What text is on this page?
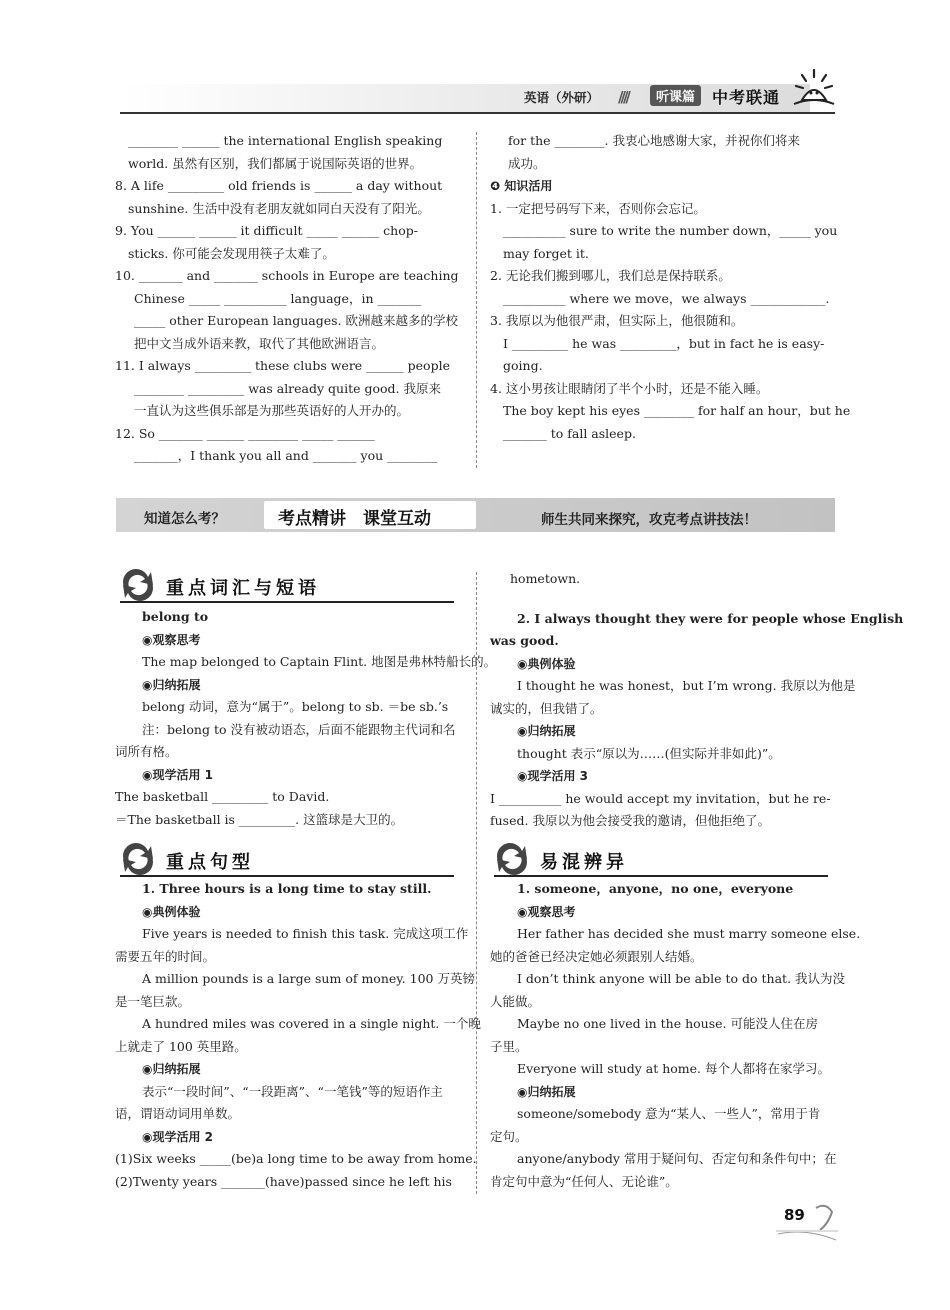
英语（外研） ////	听课篇	中考联通
________ ______ the international English speaking
world. 虽然有区别，我们都属于说国际英语的世界。
8. A life _________ old friends is ______ a day without
sunshine. 生活中没有老朋友就如同白天没有了阳光。
9. You ______ ______ it difficult _____ ______ chop-
sticks. 你可能会发现用筷子太难了。
10. _______ and _______ schools in Europe are teaching
Chinese _____ __________ language，in _______
_____ other European languages. 欧洲越来越多的学校
把中文当成外语来教，取代了其他欧洲语言。
11. I always _________ these clubs were ______ people
________ _________ was already quite good. 我原来
一直认为这些俱乐部是为那些英语好的人开办的。
12. So _______ ______ ________ _____ ______
_______，I thank you all and _______ you ________
for the ________. 我衷心地感谢大家，并祝你们将来
成功。
❹ 知识活用
1. 一定把号码写下来，否则你会忘记。
__________ sure to write the number down，_____ you
may forget it.
2. 无论我们搬到哪儿，我们总是保持联系。
__________ where we move，we always ____________.
3. 我原以为他很严肃，但实际上，他很随和。
I _________ he was _________，but in fact he is easy-
going.
4. 这小男孩让眼睛闭了半个小时，还是不能入睡。
The boy kept his eyes ________ for half an hour，but he
_______ to fall asleep.
知道怎么考？	考点精讲　课堂互动	师生共同来探究，攻克考点讲技法！
重点词汇与短语
belong to
◉观察思考
The map belonged to Captain Flint. 地图是弗林特船长的。
◉归纳拓展
belong 动词，意为“属于”。belong to sb. ＝be sb.’s
注：belong to 没有被动语态，后面不能跟物主代词和名
词所有格。
◉现学活用 1
The basketball _________ to David.
＝The basketball is _________. 这篮球是大卫的。
重点句型
1. Three hours is a long time to stay still.
◉典例体验
Five years is needed to finish this task. 完成这项工作
需要五年的时间。
A million pounds is a large sum of money. 100 万英镑
是一笔巨款。
A hundred miles was covered in a single night. 一个晚
上就走了 100 英里路。
◉归纳拓展
表示“一段时间”、“一段距离”、“一笔钱”等的短语作主
语，谓语动词用单数。
◉现学活用 2
(1)Six weeks _____(be)a long time to be away from home.
(2)Twenty years _______(have)passed since he left his
hometown.
2. I always thought they were for people whose English
was good.
◉典例体验
I thought he was honest，but I’m wrong. 我原以为他是
诚实的，但我错了。
◉归纳拓展
thought 表示“原以为……(但实际并非如此)”。
◉现学活用 3
I __________ he would accept my invitation，but he re-
fused. 我原以为他会接受我的邀请，但他拒绝了。
易混辨异
1. someone，anyone，no one，everyone
◉观察思考
Her father has decided she must marry someone else.
她的爸爸已经决定她必须跟别人结婚。
I don’t think anyone will be able to do that. 我认为没
人能做。
Maybe no one lived in the house. 可能没人住在房
子里。
Everyone will study at home. 每个人都将在家学习。
◉归纳拓展
someone/somebody 意为“某人、一些人”，常用于肯
定句。
anyone/anybody 常用于疑问句、否定句和条件句中；在
肯定句中意为“任何人、无论谁”。
89
